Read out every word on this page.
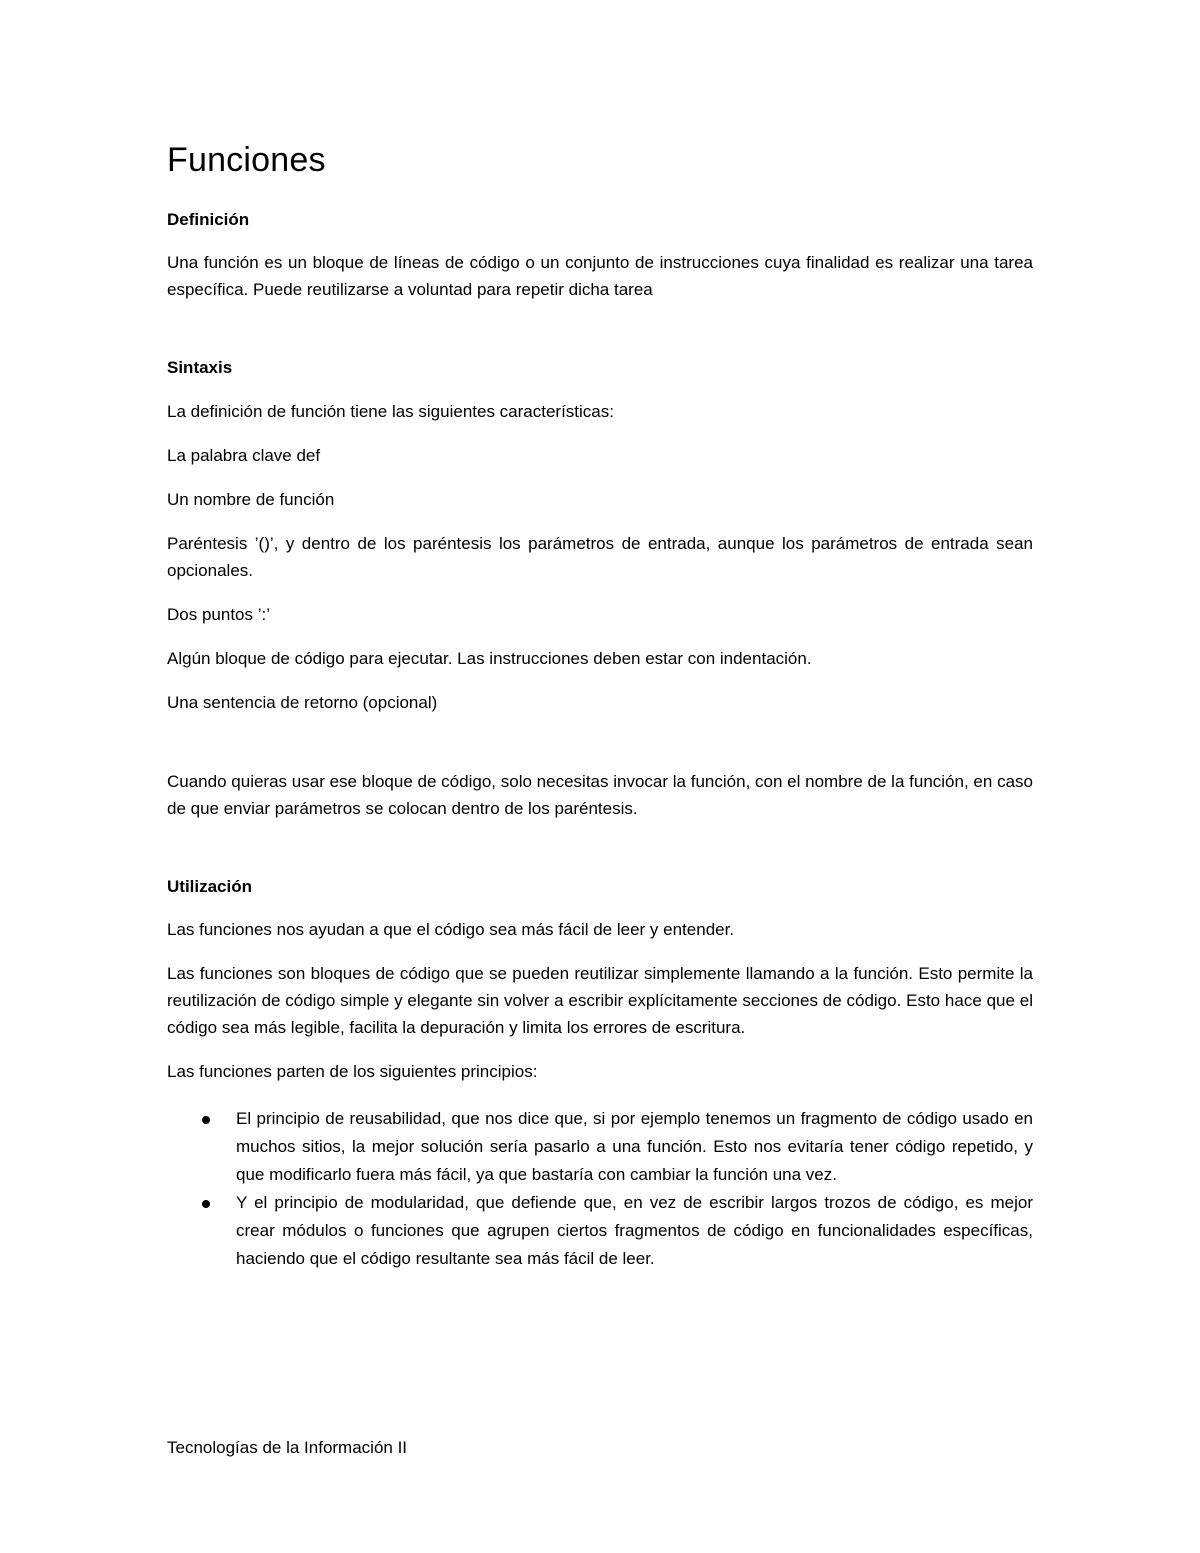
Funciones
Definición

Una función es un bloque de líneas de código o un conjunto de instrucciones cuya finalidad es realizar una tarea específica. Puede reutilizarse a voluntad para repetir dicha tarea

Sintaxis

La definición de función tiene las siguientes características:

La palabra clave def

Un nombre de función

Paréntesis ’()’, y dentro de los paréntesis los parámetros de entrada, aunque los parámetros de entrada sean opcionales.

Dos puntos ’:’

Algún bloque de código para ejecutar. Las instrucciones deben estar con indentación.

Una sentencia de retorno (opcional)

Cuando quieras usar ese bloque de código, solo necesitas invocar la función, con el nombre de la función, en caso de que enviar parámetros se colocan dentro de los paréntesis.

Utilización

Las funciones nos ayudan a que el código sea más fácil de leer y entender.

Las funciones son bloques de código que se pueden reutilizar simplemente llamando a la función. Esto permite la reutilización de código simple y elegante sin volver a escribir explícitamente secciones de código. Esto hace que el código sea más legible, facilita la depuración y limita los errores de escritura.

Las funciones parten de los siguientes principios:

El principio de reusabilidad, que nos dice que, si por ejemplo tenemos un fragmento de código usado en muchos sitios, la mejor solución sería pasarlo a una función. Esto nos evitaría tener código repetido, y que modificarlo fuera más fácil, ya que bastaría con cambiar la función una vez.
Y el principio de modularidad, que defiende que, en vez de escribir largos trozos de código, es mejor crear módulos o funciones que agrupen ciertos fragmentos de código en funcionalidades específicas, haciendo que el código resultante sea más fácil de leer.
Tecnologías de la Información II
